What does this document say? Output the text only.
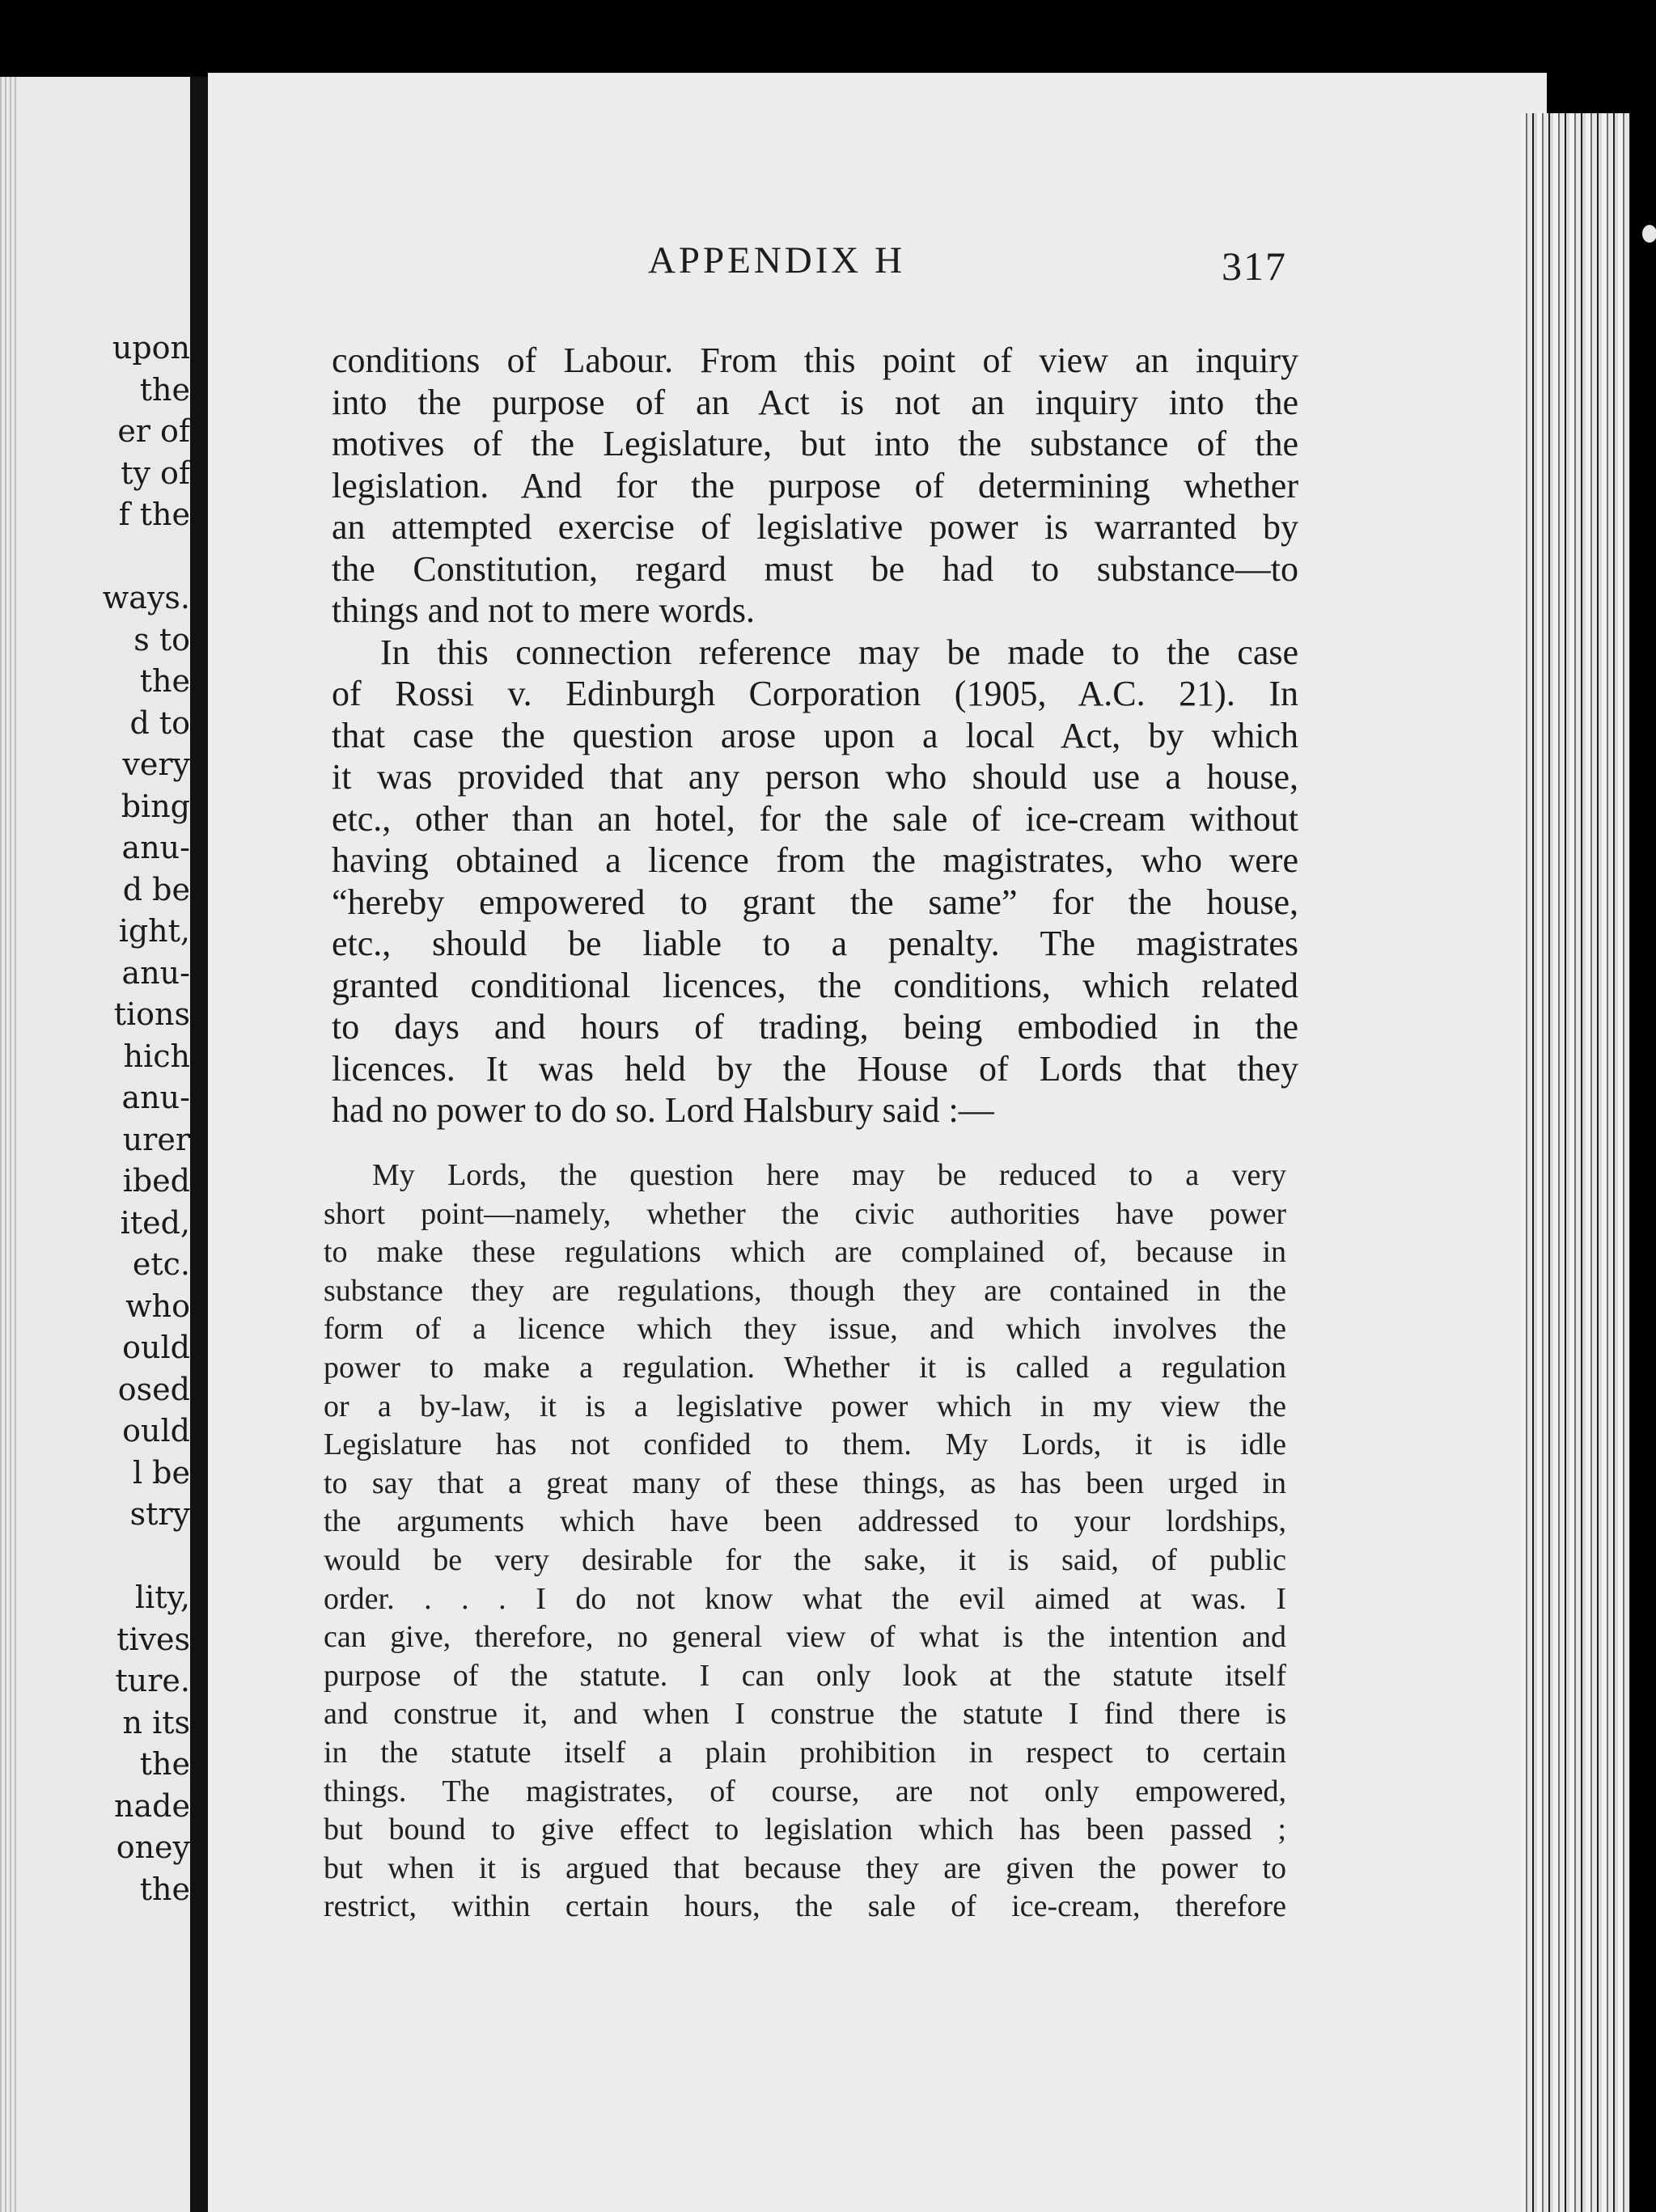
upon
the
er of
ty of
f the
ways.
s to
the
d to
very
bing
anu-
d be
ight,
anu-
tions
hich
anu-
urer
ibed
ited,
etc.
who
ould
osed
ould
l be
stry
lity,
tives
ture.
n its
the
nade
oney
the
APPENDIX H	317
conditions of Labour. From this point of view an inquiry
into the purpose of an Act is not an inquiry into the
motives of the Legislature, but into the substance of the
legislation. And for the purpose of determining whether
an attempted exercise of legislative power is warranted by
the Constitution, regard must be had to substance—to
things and not to mere words.
In this connection reference may be made to the case
of Rossi v. Edinburgh Corporation (1905, A.C. 21). In
that case the question arose upon a local Act, by which
it was provided that any person who should use a house,
etc., other than an hotel, for the sale of ice-cream without
having obtained a licence from the magistrates, who were
“hereby empowered to grant the same” for the house,
etc., should be liable to a penalty. The magistrates
granted conditional licences, the conditions, which related
to days and hours of trading, being embodied in the
licences. It was held by the House of Lords that they
had no power to do so. Lord Halsbury said :—
My Lords, the question here may be reduced to a very
short point—namely, whether the civic authorities have power
to make these regulations which are complained of, because in
substance they are regulations, though they are contained in the
form of a licence which they issue, and which involves the
power to make a regulation. Whether it is called a regulation
or a by-law, it is a legislative power which in my view the
Legislature has not confided to them. My Lords, it is idle
to say that a great many of these things, as has been urged in
the arguments which have been addressed to your lordships,
would be very desirable for the sake, it is said, of public
order. . . . I do not know what the evil aimed at was. I
can give, therefore, no general view of what is the intention and
purpose of the statute. I can only look at the statute itself
and construe it, and when I construe the statute I find there is
in the statute itself a plain prohibition in respect to certain
things. The magistrates, of course, are not only empowered,
but bound to give effect to legislation which has been passed ;
but when it is argued that because they are given the power to
restrict, within certain hours, the sale of ice-cream, therefore
